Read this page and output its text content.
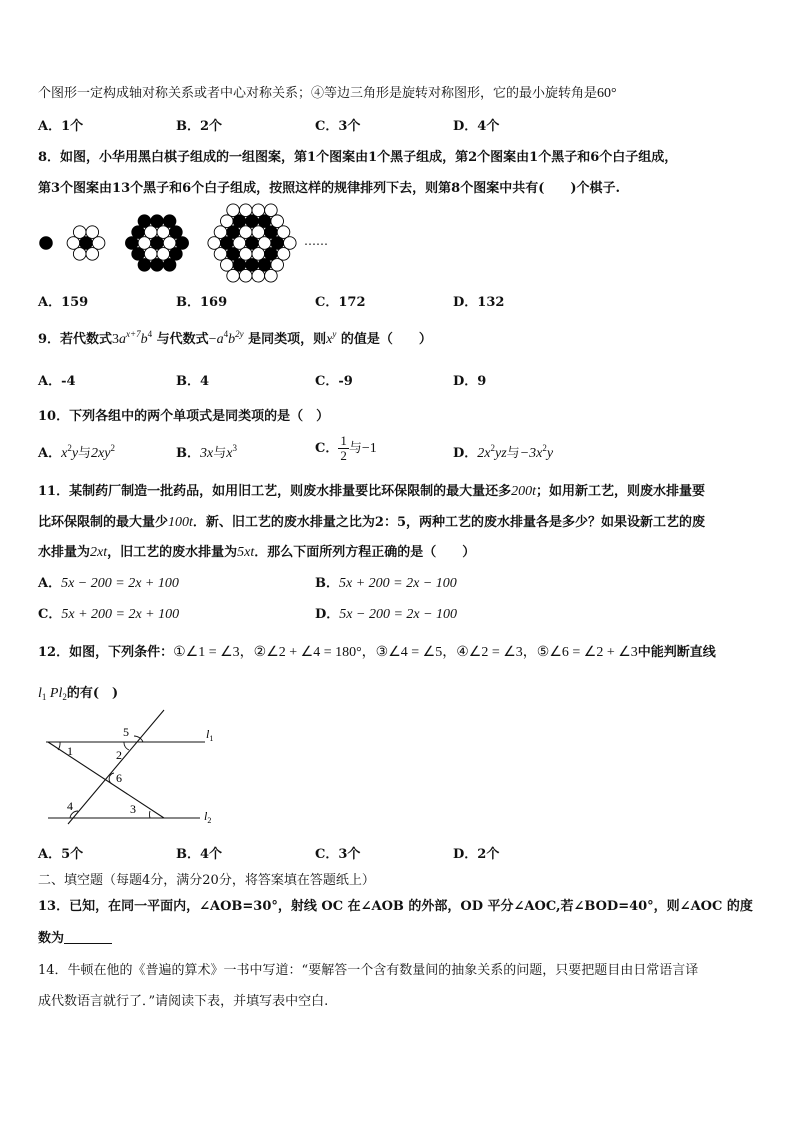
个图形一定构成轴对称关系或者中心对称关系；④等边三角形是旋转对称图形，它的最小旋转角是60°
A．1个	B．2个	C．3个	D．4个
8．如图，小华用黑白棋子组成的一组图案，第1个图案由1个黑子组成，第2个图案由1个黑子和6个白子组成，
第3个图案由13个黑子和6个白子组成，按照这样的规律排列下去，则第8个图案中共有(　　)个棋子.
……
A．159	B．169	C．172	D．132
9．若代数式$3a^{x+7}b^4$ 与代数式$-a^4b^{2y}$ 是同类项，则$x^y$ 的值是（　　）
A．-4	B．4	C．-9	D．9
10．下列各组中的两个单项式是同类项的是（　）
A．$x^2y$与$2xy^2$	B．3x与$x^3$	C． $\frac{1}{2}$ 与−1	D．$2x^2yz$与$-3x^2y$
11．某制药厂制造一批药品，如用旧工艺，则废水排量要比环保限制的最大量还多200t；如用新工艺，则废水排量要
比环保限制的最大量少100t．新、旧工艺的废水排量之比为2：5，两种工艺的废水排量各是多少？如果设新工艺的废
水排量为2xt，旧工艺的废水排量为5xt．那么下面所列方程正确的是（　　）
A．5x − 200 = 2x + 100	B．5x + 200 = 2x − 100
C．5x + 200 = 2x + 100	D．5x − 200 = 2x − 100
12．如图，下列条件：①∠1 = ∠3，②∠2 + ∠4 = 180°，③∠4 = ∠5，④∠2 = ∠3，⑤∠6 = ∠2 + ∠3中能判断直线
$l_1$ $Pl_2$的有(　)
1
5
2
6
4	3
$l_1$
$l_2$
A．5个	B．4个	C．3个	D．2个
二、填空题（每题4分，满分20分，将答案填在答题纸上）
13．已知，在同一平面内，∠AOB=30°，射线 OC 在∠AOB 的外部，OD 平分∠AOC,若∠BOD=40°，则∠AOC 的度
数为
14．牛顿在他的《普遍的算术》一书中写道：“要解答一个含有数量间的抽象关系的问题，只要把题目由日常语言译
成代数语言就行了．”请阅读下表，并填写表中空白.
